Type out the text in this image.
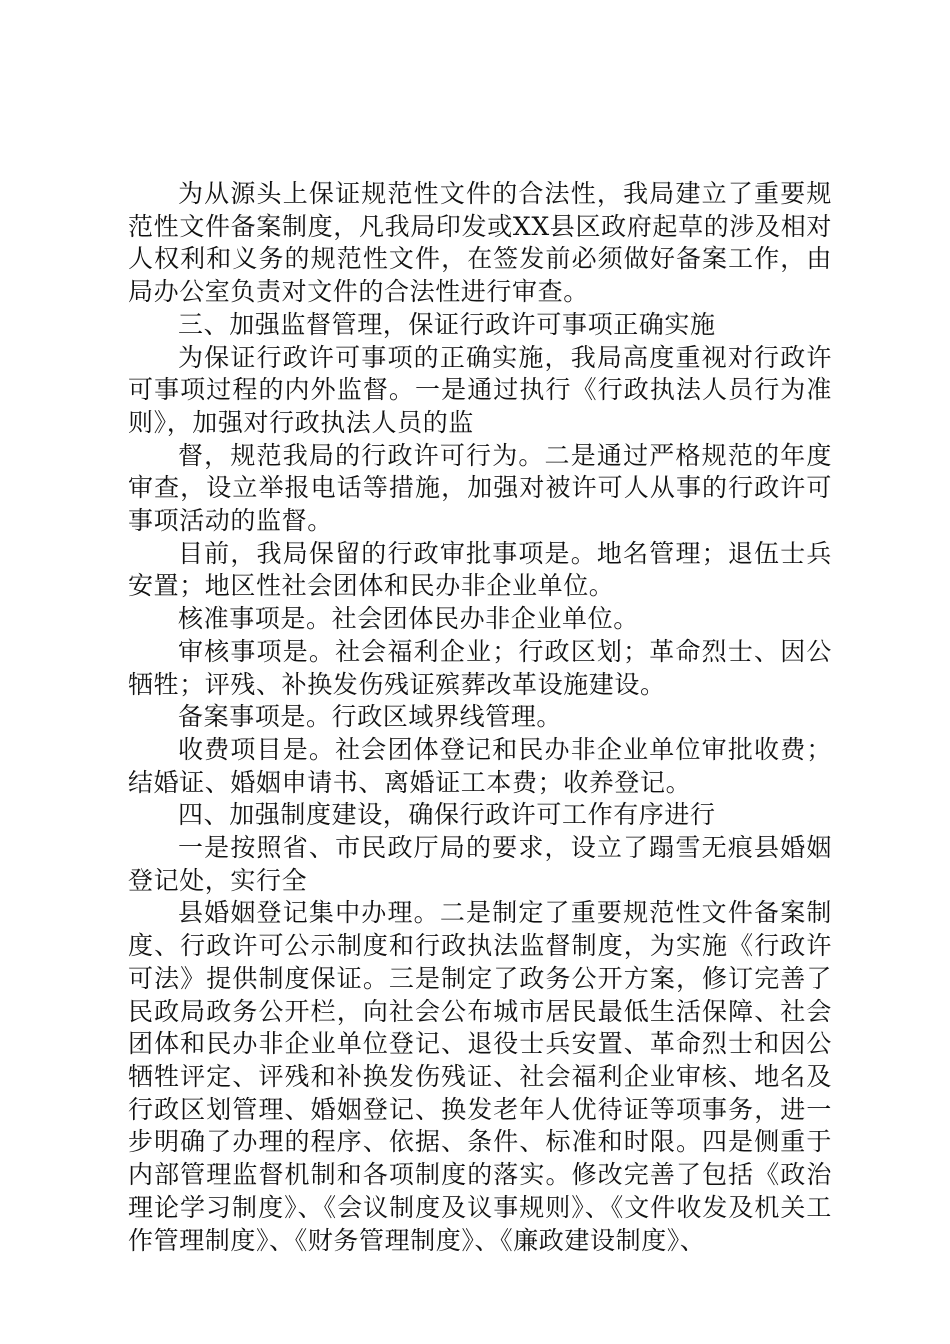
为从源头上保证规范性文件的合法性，我局建立了重要规范性文件备案制度，凡我局印发或XX县区政府起草的涉及相对人权利和义务的规范性文件，在签发前必须做好备案工作，由局办公室负责对文件的合法性进行审查。

三、加强监督管理，保证行政许可事项正确实施

为保证行政许可事项的正确实施，我局高度重视对行政许可事项过程的内外监督。一是通过执行《行政执法人员行为准则》，加强对行政执法人员的监

督，规范我局的行政许可行为。二是通过严格规范的年度审查，设立举报电话等措施，加强对被许可人从事的行政许可事项活动的监督。

目前，我局保留的行政审批事项是。地名管理；退伍士兵安置；地区性社会团体和民办非企业单位。

核准事项是。社会团体民办非企业单位。

审核事项是。社会福利企业；行政区划；革命烈士、因公牺牲；评残、补换发伤残证殡葬改革设施建设。

备案事项是。行政区域界线管理。

收费项目是。社会团体登记和民办非企业单位审批收费；结婚证、婚姻申请书、离婚证工本费；收养登记。

四、加强制度建设，确保行政许可工作有序进行

一是按照省、市民政厅局的要求，设立了蹋雪无痕县婚姻登记处，实行全

县婚姻登记集中办理。二是制定了重要规范性文件备案制度、行政许可公示制度和行政执法监督制度，为实施《行政许可法》提供制度保证。三是制定了政务公开方案，修订完善了民政局政务公开栏，向社会公布城市居民最低生活保障、社会团体和民办非企业单位登记、退役士兵安置、革命烈士和因公牺牲评定、评残和补换发伤残证、社会福利企业审核、地名及行政区划管理、婚姻登记、换发老年人优待证等项事务，进一步明确了办理的程序、依据、条件、标准和时限。四是侧重于内部管理监督机制和各项制度的落实。修改完善了包括《政治理论学习制度》、《会议制度及议事规则》、《文件收发及机关工作管理制度》、《财务管理制度》、《廉政建设制度》、
